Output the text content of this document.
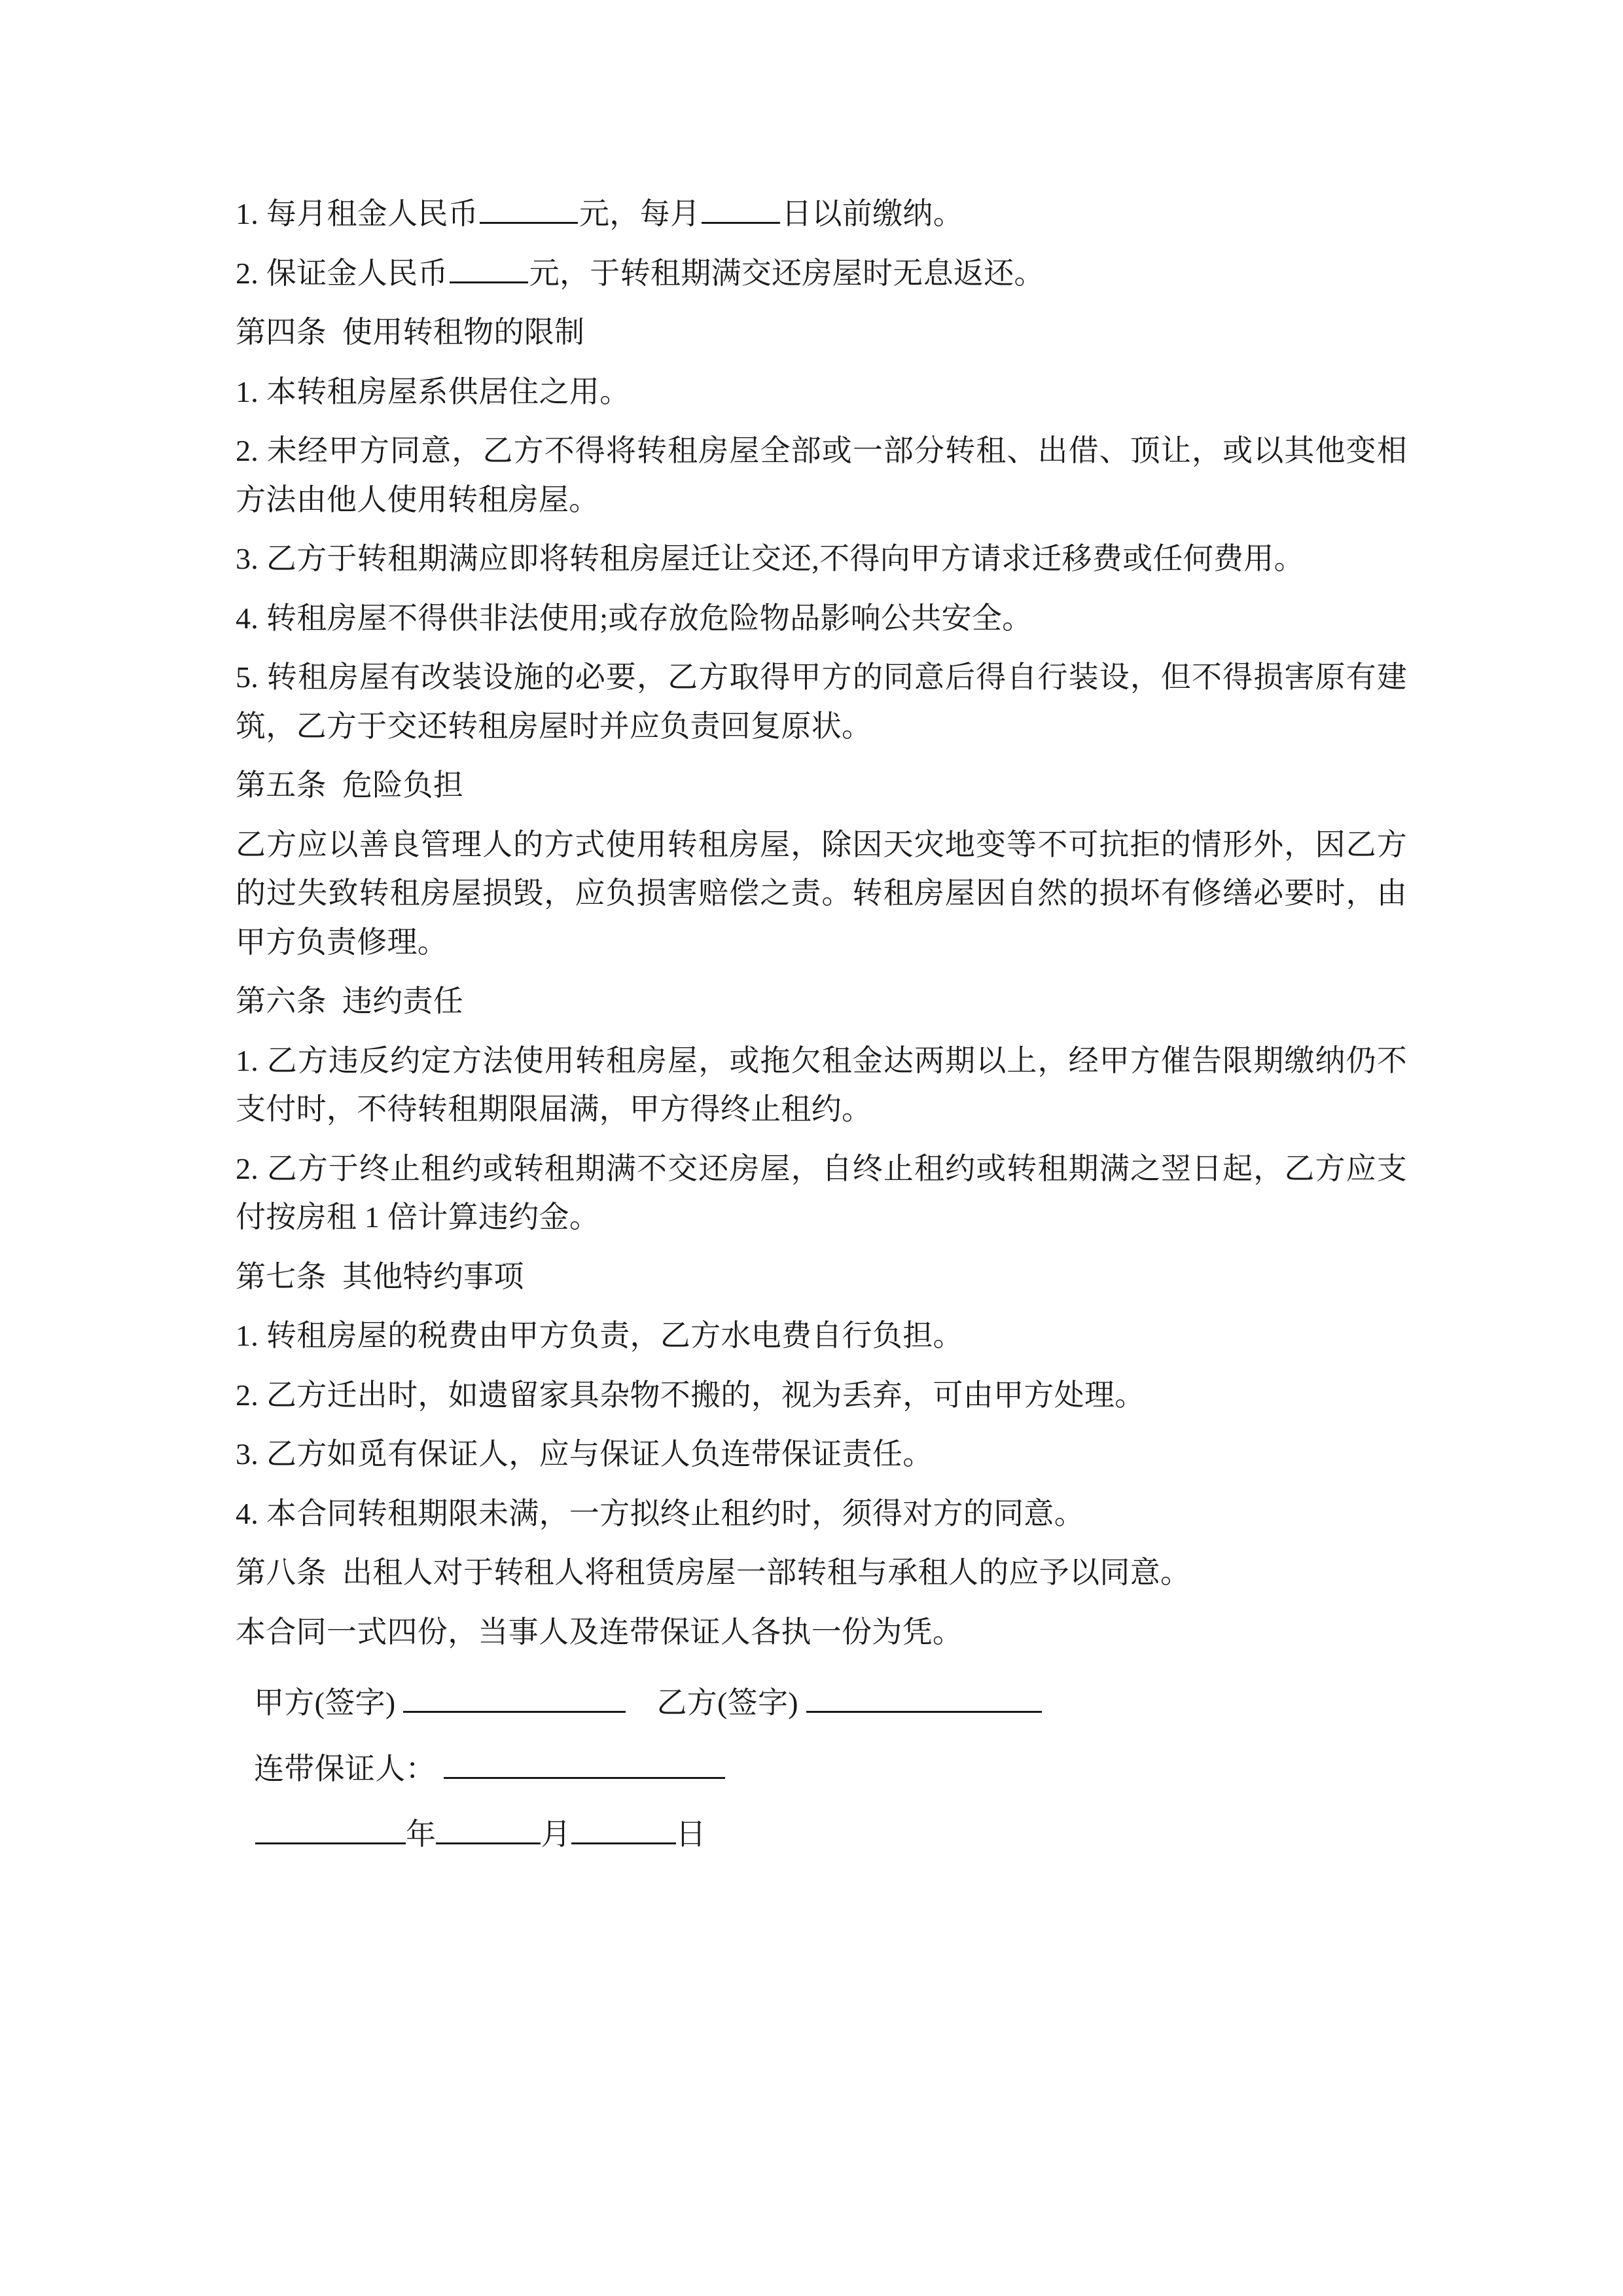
1. 每月租金人民币	元，每月	日以前缴纳。

2. 保证金人民币	元，于转租期满交还房屋时无息返还。

第四条 使用转租物的限制

1. 本转租房屋系供居住之用。

2. 未经甲方同意，乙方不得将转租房屋全部或一部分转租、出借、顶让，或以其他变相方法由他人使用转租房屋。

3. 乙方于转租期满应即将转租房屋迁让交还,不得向甲方请求迁移费或任何费用。

4. 转租房屋不得供非法使用;或存放危险物品影响公共安全。

5. 转租房屋有改装设施的必要，乙方取得甲方的同意后得自行装设，但不得损害原有建筑，乙方于交还转租房屋时并应负责回复原状。

第五条 危险负担

乙方应以善良管理人的方式使用转租房屋，除因天灾地变等不可抗拒的情形外，因乙方的过失致转租房屋损毁，应负损害赔偿之责。转租房屋因自然的损坏有修缮必要时，由甲方负责修理。

第六条 违约责任

1. 乙方违反约定方法使用转租房屋，或拖欠租金达两期以上，经甲方催告限期缴纳仍不支付时，不待转租期限届满，甲方得终止租约。

2. 乙方于终止租约或转租期满不交还房屋，自终止租约或转租期满之翌日起，乙方应支付按房租 1 倍计算违约金。

第七条 其他特约事项

1. 转租房屋的税费由甲方负责，乙方水电费自行负担。

2. 乙方迁出时，如遗留家具杂物不搬的，视为丢弃，可由甲方处理。

3. 乙方如觅有保证人，应与保证人负连带保证责任。

4. 本合同转租期限未满，一方拟终止租约时，须得对方的同意。

第八条 出租人对于转租人将租赁房屋一部转租与承租人的应予以同意。

本合同一式四份，当事人及连带保证人各执一份为凭。

甲方(签字)	乙方(签字)

连带保证人：

年	月	日
